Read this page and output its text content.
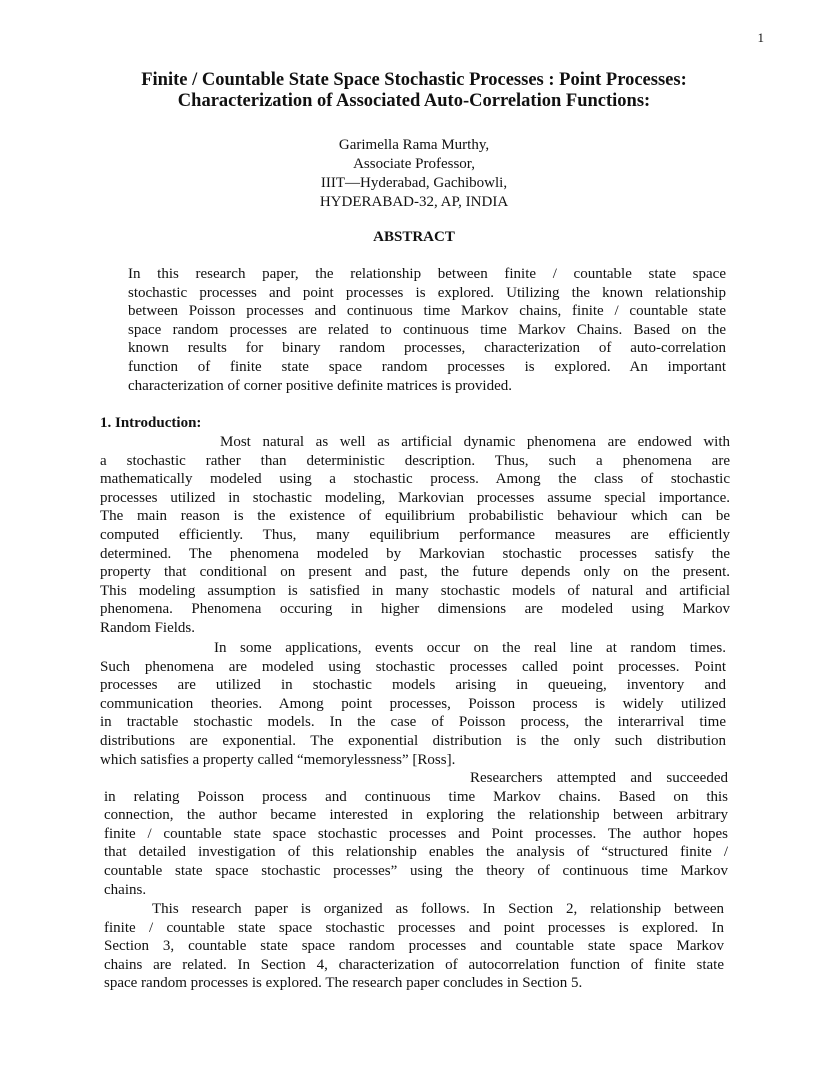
1
Finite / Countable State Space Stochastic Processes : Point Processes:
Characterization of Associated Auto-Correlation Functions:
Garimella Rama Murthy,
Associate Professor,
IIIT—Hyderabad, Gachibowli,
HYDERABAD-32, AP, INDIA
ABSTRACT
In this research paper, the relationship between finite / countable state space
stochastic processes and point processes is explored. Utilizing the known relationship
between Poisson processes and continuous time Markov chains, finite / countable state
space random processes are related to continuous time Markov Chains. Based on the
known results for binary random processes, characterization of auto-correlation
function of finite state space random processes is explored. An important
characterization of corner positive definite matrices is provided.
1. Introduction:
Most natural as well as artificial dynamic phenomena are endowed with
a stochastic rather than deterministic description. Thus, such a phenomena are
mathematically modeled using a stochastic process. Among the class of stochastic
processes utilized in stochastic modeling, Markovian processes assume special importance.
The main reason is the existence of equilibrium probabilistic behaviour which can be
computed efficiently. Thus, many equilibrium performance measures are efficiently
determined. The phenomena modeled by Markovian stochastic processes satisfy the
property that conditional on present and past, the future depends only on the present.
This modeling assumption is satisfied in many stochastic models of natural and artificial
phenomena. Phenomena occuring in higher dimensions are modeled using Markov
Random Fields.
In some applications, events occur on the real line at random times.
Such phenomena are modeled using stochastic processes called point processes. Point
processes are utilized in stochastic models arising in queueing, inventory and
communication theories. Among point processes, Poisson process is widely utilized
in tractable stochastic models. In the case of Poisson process, the interarrival time
distributions are exponential. The exponential distribution is the only such distribution
which satisfies a property called “memorylessness” [Ross].
Researchers attempted and succeeded
in relating Poisson process and continuous time Markov chains. Based on this
connection, the author became interested in exploring the relationship between arbitrary
finite / countable state space stochastic processes and Point processes. The author hopes
that detailed investigation of this relationship enables the analysis of “structured finite /
countable state space stochastic processes” using the theory of continuous time Markov
chains.
This research paper is organized as follows. In Section 2, relationship between
finite / countable state space stochastic processes and point processes is explored. In
Section 3, countable state space random processes and countable state space Markov
chains are related. In Section 4, characterization of autocorrelation function of finite state
space random processes is explored. The research paper concludes in Section 5.
